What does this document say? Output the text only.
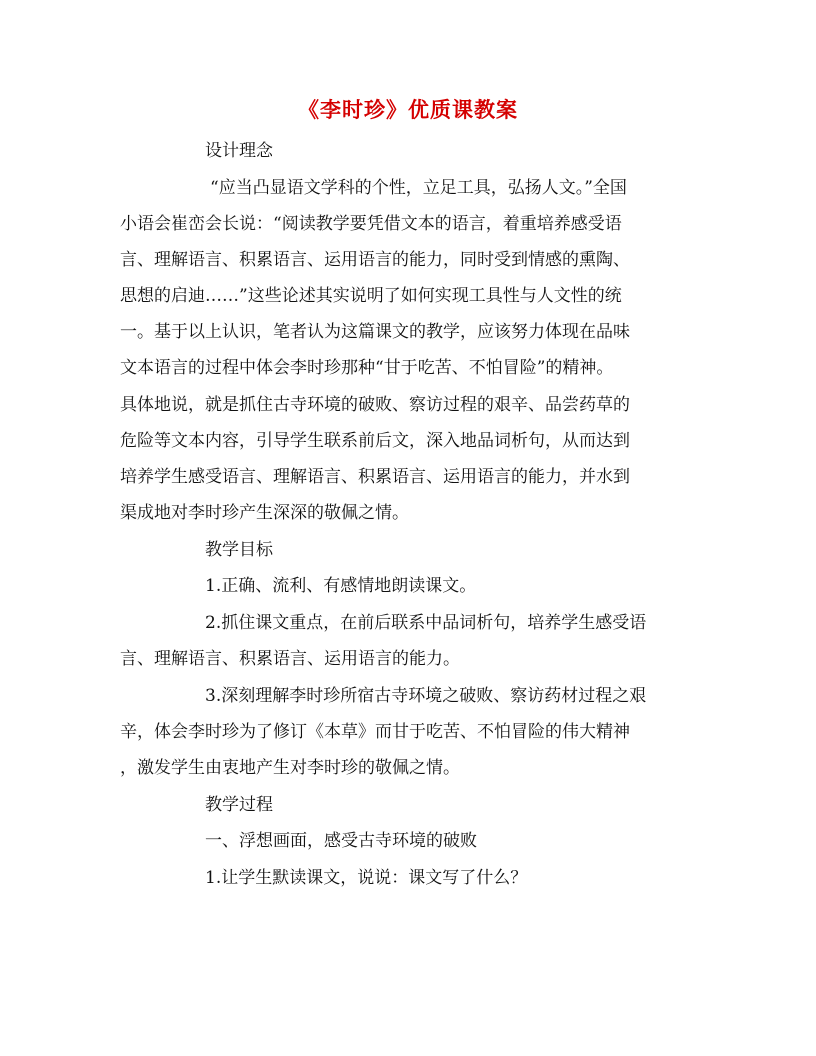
《李时珍》优质课教案
设计理念
“应当凸显语文学科的个性，立足工具，弘扬人文。”全国
小语会崔峦会长说：“阅读教学要凭借文本的语言，着重培养感受语
言、理解语言、积累语言、运用语言的能力，同时受到情感的熏陶、
思想的启迪……”这些论述其实说明了如何实现工具性与人文性的统
一。基于以上认识，笔者认为这篇课文的教学，应该努力体现在品味
文本语言的过程中体会李时珍那种“甘于吃苦、不怕冒险”的精神。
具体地说，就是抓住古寺环境的破败、察访过程的艰辛、品尝药草的
危险等文本内容，引导学生联系前后文，深入地品词析句，从而达到
培养学生感受语言、理解语言、积累语言、运用语言的能力，并水到
渠成地对李时珍产生深深的敬佩之情。
教学目标
1.正确、流利、有感情地朗读课文。
2.抓住课文重点，在前后联系中品词析句，培养学生感受语
言、理解语言、积累语言、运用语言的能力。
3.深刻理解李时珍所宿古寺环境之破败、察访药材过程之艰
辛，体会李时珍为了修订《本草》而甘于吃苦、不怕冒险的伟大精神
，激发学生由衷地产生对李时珍的敬佩之情。
教学过程
一、浮想画面，感受古寺环境的破败
1.让学生默读课文，说说：课文写了什么？
